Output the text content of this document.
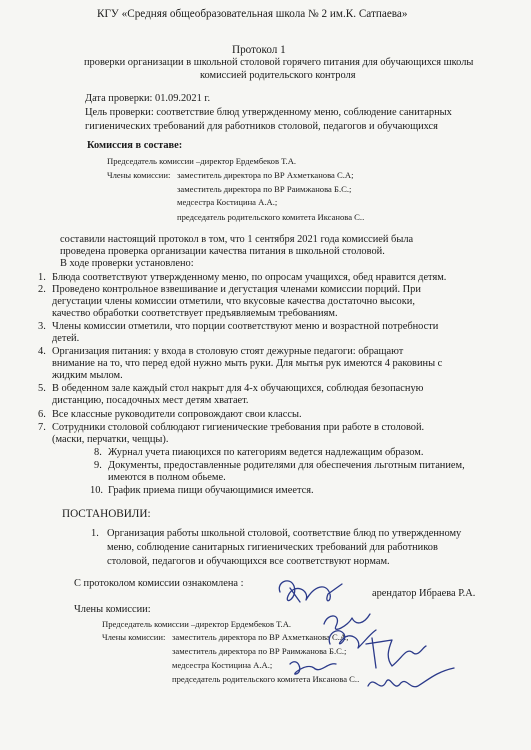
КГУ «Средняя общеобразовательная школа № 2 им.К. Сатпаева»
Протокол 1
проверки организации в школьной столовой горячего питания для обучающихся школы
комиссией родительского контроля
Дата проверки: 01.09.2021 г.
Цель проверки: соответствие блюд утвержденному меню, соблюдение санитарных
гигиенических требований для работников столовой, педагогов и обучающихся
Комиссия в составе:
Председатель комиссии –директор Ердембеков Т.А.
Члены комиссии: заместитель директора по ВР Ахметканова С.А;
заместитель директора по ВР Раимжанова Б.С.;
медсестра Костицина А.А.;
председатель родительского комитета Иксанова С..
составили настоящий протокол в том, что 1 сентября 2021 года комиссией была
проведена проверка организации качества питания в школьной столовой.
В ходе проверки установлено:
1. Блюда соответствуют утвержденному меню, по опросам учащихся, обед нравится детям.
2. Проведено контрольное взвешивание и дегустация членами комиссии порций. При
дегустации члены комиссии отметили, что вкусовые качества достаточно высоки,
качество обработки соответствует предъявляемым требованиям.
3. Члены комиссии отметили, что порции соответствуют меню и возрастной потребности
детей.
4. Организация питания: у входа в столовую стоят дежурные педагоги: обращают
внимание на то, что перед едой нужно мыть руки. Для мытья рук имеются 4 раковины с
жидким мылом.
5. В обеденном зале каждый стол накрыт для 4-х обучающихся, соблюдая безопасную
дистанцию, посадочных мест детям хватает.
6. Все классные руководители сопровождают свои классы.
7. Сотрудники столовой соблюдают гигиенические требования при работе в столовой.
(маски, перчатки, чещцы).
8. Журнал учета пиаюцихся по категориям ведется надлежащим образом.
9. Документы, предоставленные родителями для обеспечения льготным питанием,
имеются в полном обьеме.
10. График приема пищи обучающимися имеется.
ПОСТАНОВИЛИ:
1. Организация работы школьной столовой, соответствие блюд по утвержденному
меню, соблюдение санитарных гигиенических требований для работников
столовой, педагогов и обучающихся все соответствуют нормам.
С протоколом комиссии ознакомлена :
арендатор Ибраева Р.А.
Члены комиссии:
Председатель комиссии –директор Ердембеков Т.А.
Члены комиссии: заместитель директора по ВР Ахметканова С.А;
заместитель директора по ВР Раимжанова Б.С.;
медсестра Костицина А.А.;
председатель родительского комитета Иксанова С..
